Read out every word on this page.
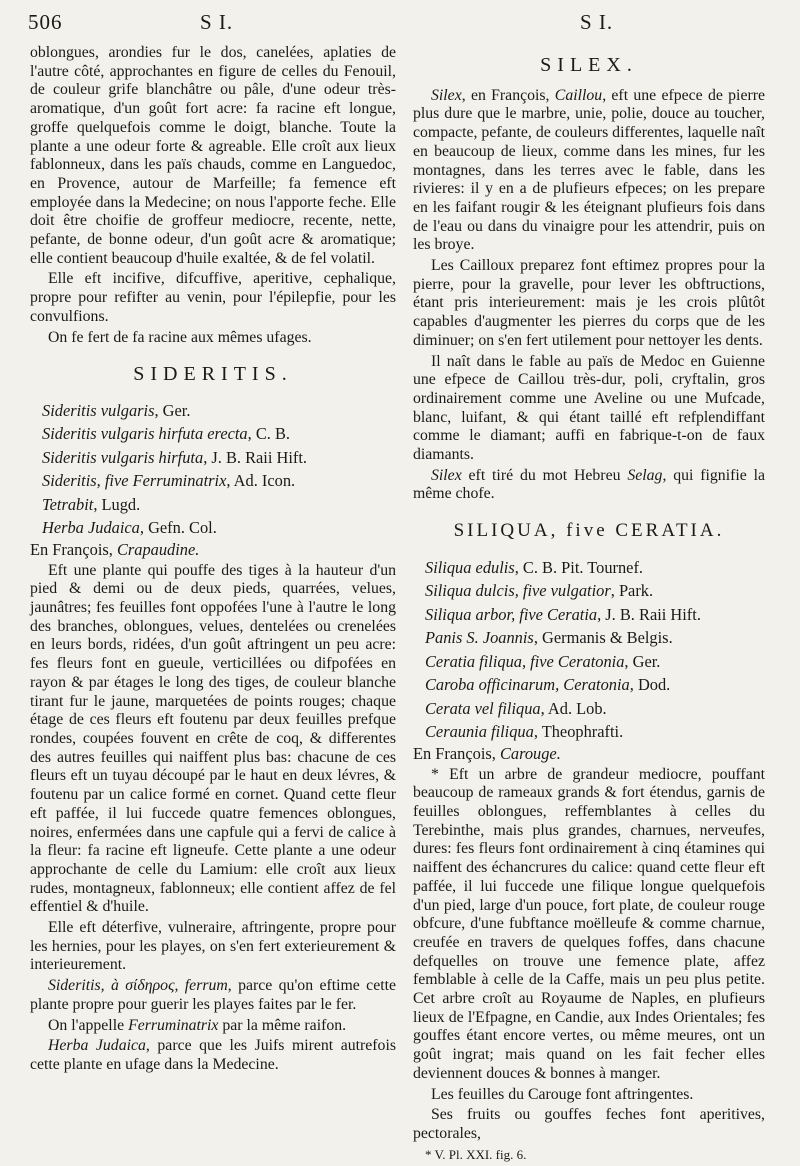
506	S I.	S I.

oblongues, arondies fur le dos, canelées, aplaties de l'autre côté, approchantes en figure de celles du Fenouil, de couleur grife blanchâtre ou pâle, d'une odeur très-aromatique, d'un goût fort acre: fa racine eft longue, groffe quelquefois comme le doigt, blanche. Toute la plante a une odeur forte & agreable. Elle croît aux lieux fablonneux, dans les païs chauds, comme en Languedoc, en Provence, autour de Marfeille; fa femence eft employée dans la Medecine; on nous l'apporte feche. Elle doit être choifie de groffeur mediocre, recente, nette, pefante, de bonne odeur, d'un goût acre & aromatique; elle contient beaucoup d'huile exaltée, & de fel volatil.

Elle eft incifive, difcuffive, aperitive, cephalique, propre pour refifter au venin, pour l'épilepfie, pour les convulfions.

On fe fert de fa racine aux mêmes ufages.

SIDERITIS.

Sideritis vulgaris, Ger.

Sideritis vulgaris hirfuta erecta, C. B.

Sideritis vulgaris hirfuta, J. B. Raii Hift.

Sideritis, five Ferruminatrix, Ad. Icon.

Tetrabit, Lugd.

Herba Judaica, Gefn. Col.

En François, Crapaudine.

Eft une plante qui pouffe des tiges à la hauteur d'un pied & demi ou de deux pieds, quarrées, velues, jaunâtres; fes feuilles font oppofées l'une à l'autre le long des branches, oblongues, velues, dentelées ou crenelées en leurs bords, ridées, d'un goût aftringent un peu acre: fes fleurs font en gueule, verticillées ou difpofées en rayon & par étages le long des tiges, de couleur blanche tirant fur le jaune, marquetées de points rouges; chaque étage de ces fleurs eft foutenu par deux feuilles prefque rondes, coupées fouvent en crête de coq, & differentes des autres feuilles qui naiffent plus bas: chacune de ces fleurs eft un tuyau découpé par le haut en deux lévres, & foutenu par un calice formé en cornet. Quand cette fleur eft paffée, il lui fuccede quatre femences oblongues, noires, enfermées dans une capfule qui a fervi de calice à la fleur: fa racine eft ligneufe. Cette plante a une odeur approchante de celle du Lamium: elle croît aux lieux rudes, montagneux, fablonneux; elle contient affez de fel effentiel & d'huile.

Elle eft déterfive, vulneraire, aftringente, propre pour les hernies, pour les playes, on s'en fert exterieurement & interieurement.

Sideritis, à σίδηρος, ferrum, parce qu'on eftime cette plante propre pour guerir les playes faites par le fer.

On l'appelle Ferruminatrix par la même raifon.

Herba Judaica, parce que les Juifs mirent autrefois cette plante en ufage dans la Medecine.

SILEX.

Silex, en François, Caillou, eft une efpece de pierre plus dure que le marbre, unie, polie, douce au toucher, compacte, pefante, de couleurs differentes, laquelle naît en beaucoup de lieux, comme dans les mines, fur les montagnes, dans les terres avec le fable, dans les rivieres: il y en a de plufieurs efpeces; on les prepare en les faifant rougir & les éteignant plufieurs fois dans de l'eau ou dans du vinaigre pour les attendrir, puis on les broye.

Les Cailloux preparez font eftimez propres pour la pierre, pour la gravelle, pour lever les obftructions, étant pris interieurement: mais je les crois plûtôt capables d'augmenter les pierres du corps que de les diminuer; on s'en fert utilement pour nettoyer les dents.

Il naît dans le fable au païs de Medoc en Guienne une efpece de Caillou très-dur, poli, cryftalin, gros ordinairement comme une Aveline ou une Mufcade, blanc, luifant, & qui étant taillé eft refplendiffant comme le diamant; auffi en fabrique-t-on de faux diamants.

Silex eft tiré du mot Hebreu Selag, qui fignifie la même chofe.

SILIQUA, five CERATIA.

Siliqua edulis, C. B. Pit. Tournef.

Siliqua dulcis, five vulgatior, Park.

Siliqua arbor, five Ceratia, J. B. Raii Hift.

Panis S. Joannis, Germanis & Belgis.

Ceratia filiqua, five Ceratonia, Ger.

Caroba officinarum, Ceratonia, Dod.

Cerata vel filiqua, Ad. Lob.

Ceraunia filiqua, Theophrafti.

En François, Carouge.

* Eft un arbre de grandeur mediocre, pouffant beaucoup de rameaux grands & fort étendus, garnis de feuilles oblongues, reffemblantes à celles du Terebinthe, mais plus grandes, charnues, nerveufes, dures: fes fleurs font ordinairement à cinq étamines qui naiffent des échancrures du calice: quand cette fleur eft paffée, il lui fuccede une filique longue quelquefois d'un pied, large d'un pouce, fort plate, de couleur rouge obfcure, d'une fubftance moëlleufe & comme charnue, creufée en travers de quelques foffes, dans chacune defquelles on trouve une femence plate, affez femblable à celle de la Caffe, mais un peu plus petite. Cet arbre croît au Royaume de Naples, en plufieurs lieux de l'Efpagne, en Candie, aux Indes Orientales; fes gouffes étant encore vertes, ou même meures, ont un goût ingrat; mais quand on les fait fecher elles deviennent douces & bonnes à manger.

Les feuilles du Carouge font aftringentes.

Ses fruits ou gouffes feches font aperitives, pectorales,

* V. Pl. XXI. fig. 6.
